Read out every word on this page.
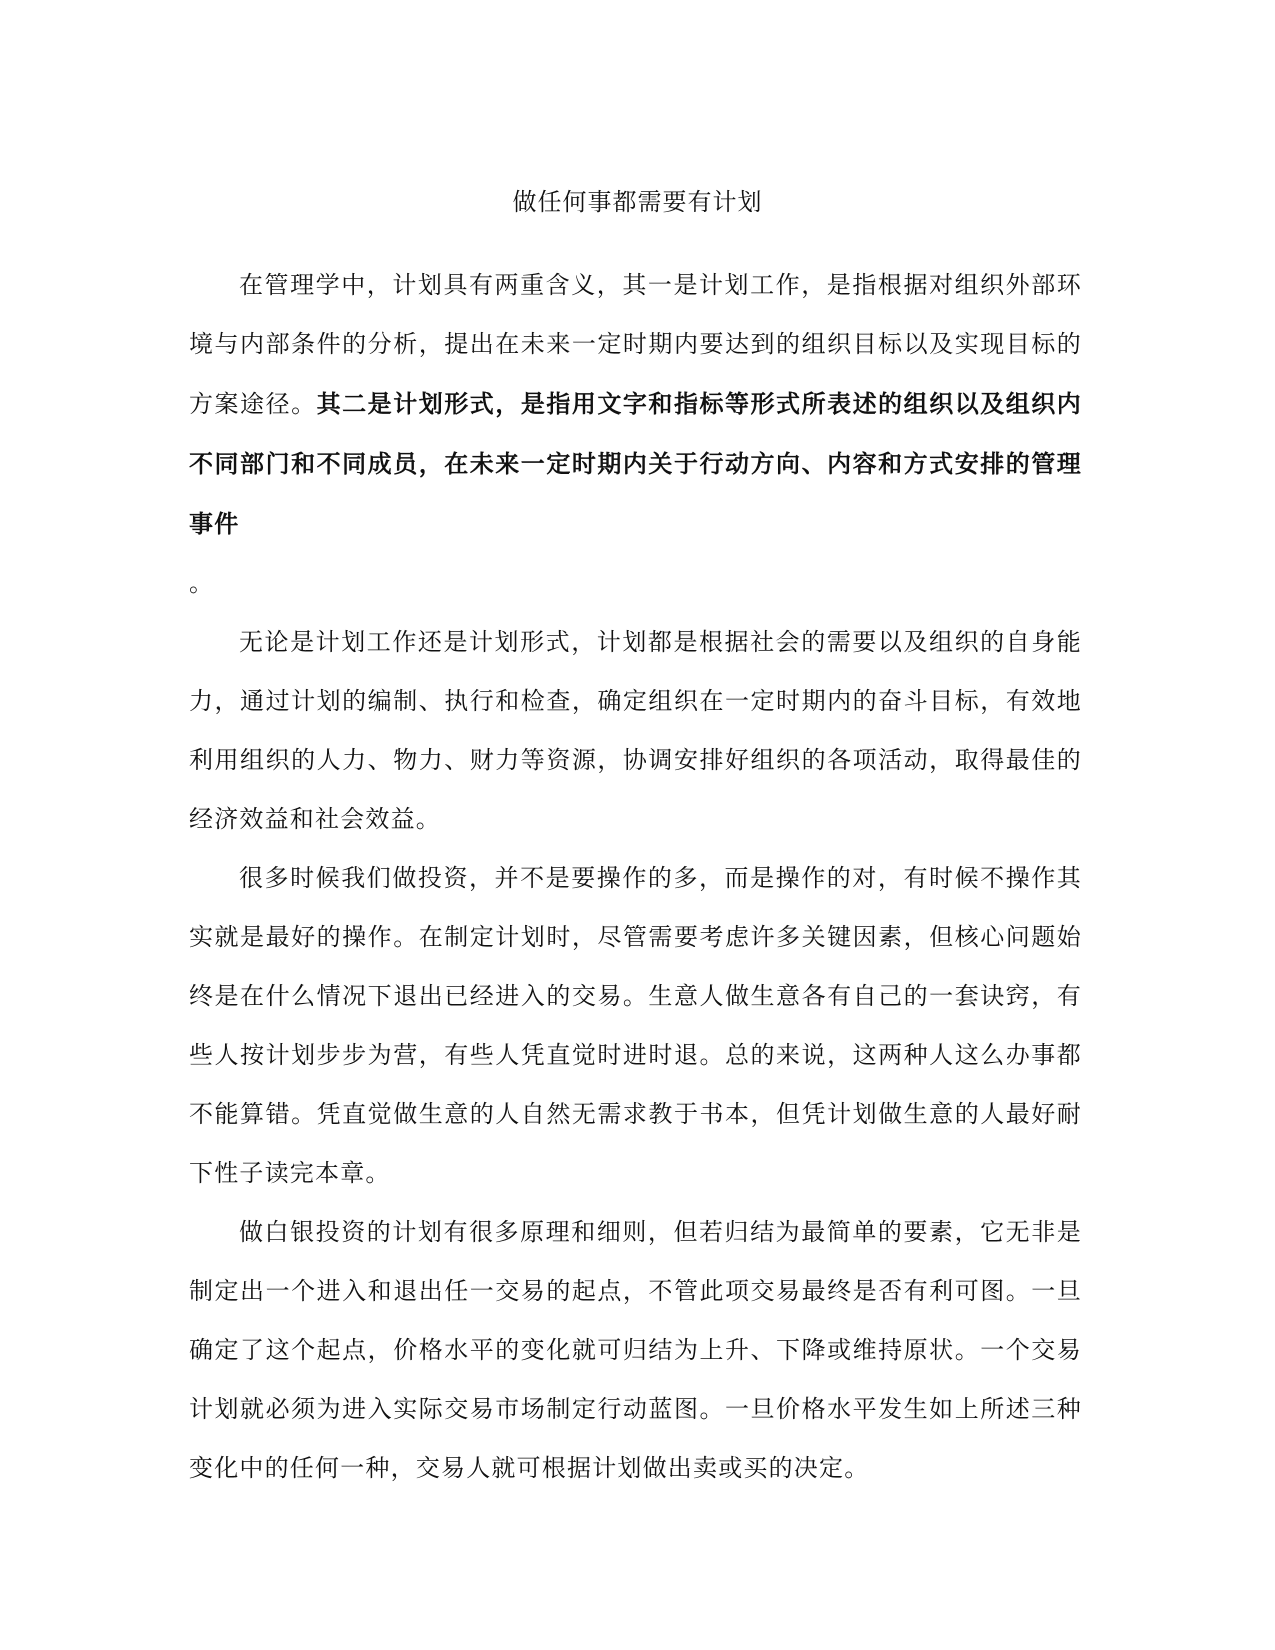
做任何事都需要有计划

在管理学中，计划具有两重含义，其一是计划工作，是指根据对组织外部环境与内部条件的分析，提出在未来一定时期内要达到的组织目标以及实现目标的方案途径。其二是计划形式，是指用文字和指标等形式所表述的组织以及组织内不同部门和不同成员，在未来一定时期内关于行动方向、内容和方式安排的管理事件
。

无论是计划工作还是计划形式，计划都是根据社会的需要以及组织的自身能力，通过计划的编制、执行和检查，确定组织在一定时期内的奋斗目标，有效地利用组织的人力、物力、财力等资源，协调安排好组织的各项活动，取得最佳的经济效益和社会效益。

很多时候我们做投资，并不是要操作的多，而是操作的对，有时候不操作其实就是最好的操作。在制定计划时，尽管需要考虑许多关键因素，但核心问题始终是在什么情况下退出已经进入的交易。生意人做生意各有自己的一套诀窍，有些人按计划步步为营，有些人凭直觉时进时退。总的来说，这两种人这么办事都不能算错。凭直觉做生意的人自然无需求教于书本，但凭计划做生意的人最好耐下性子读完本章。

做白银投资的计划有很多原理和细则，但若归结为最简单的要素，它无非是制定出一个进入和退出任一交易的起点，不管此项交易最终是否有利可图。一旦确定了这个起点，价格水平的变化就可归结为上升、下降或维持原状。一个交易计划就必须为进入实际交易市场制定行动蓝图。一旦价格水平发生如上所述三种变化中的任何一种，交易人就可根据计划做出卖或买的决定。
